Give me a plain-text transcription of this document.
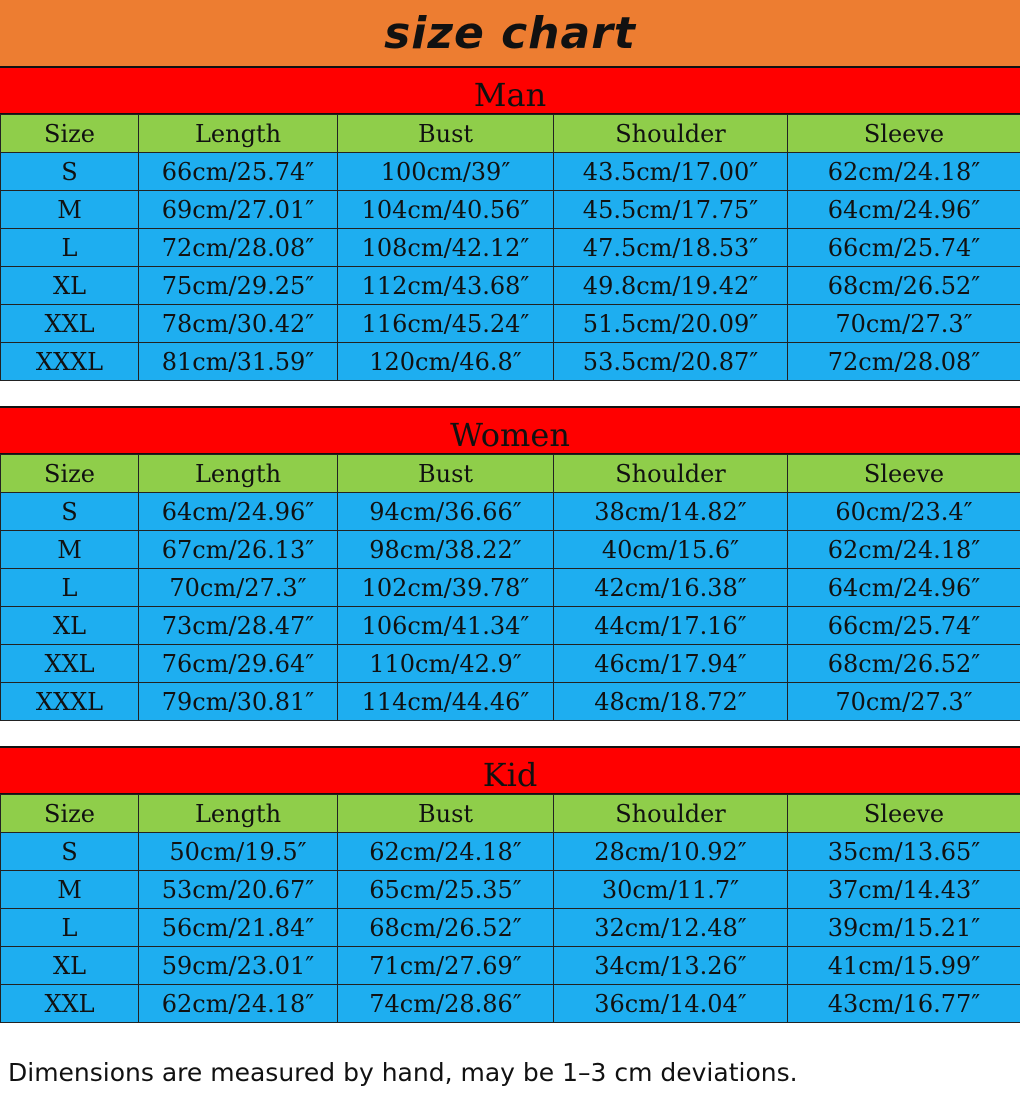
size chart
Man
Size	Length	Bust	Shoulder	Sleeve
S	66cm/25.74″	100cm/39″	43.5cm/17.00″	62cm/24.18″
M	69cm/27.01″	104cm/40.56″	45.5cm/17.75″	64cm/24.96″
L	72cm/28.08″	108cm/42.12″	47.5cm/18.53″	66cm/25.74″
XL	75cm/29.25″	112cm/43.68″	49.8cm/19.42″	68cm/26.52″
XXL	78cm/30.42″	116cm/45.24″	51.5cm/20.09″	70cm/27.3″
XXXL	81cm/31.59″	120cm/46.8″	53.5cm/20.87″	72cm/28.08″
Women
Size	Length	Bust	Shoulder	Sleeve
S	64cm/24.96″	94cm/36.66″	38cm/14.82″	60cm/23.4″
M	67cm/26.13″	98cm/38.22″	40cm/15.6″	62cm/24.18″
L	70cm/27.3″	102cm/39.78″	42cm/16.38″	64cm/24.96″
XL	73cm/28.47″	106cm/41.34″	44cm/17.16″	66cm/25.74″
XXL	76cm/29.64″	110cm/42.9″	46cm/17.94″	68cm/26.52″
XXXL	79cm/30.81″	114cm/44.46″	48cm/18.72″	70cm/27.3″
Kid
Size	Length	Bust	Shoulder	Sleeve
S	50cm/19.5″	62cm/24.18″	28cm/10.92″	35cm/13.65″
M	53cm/20.67″	65cm/25.35″	30cm/11.7″	37cm/14.43″
L	56cm/21.84″	68cm/26.52″	32cm/12.48″	39cm/15.21″
XL	59cm/23.01″	71cm/27.69″	34cm/13.26″	41cm/15.99″
XXL	62cm/24.18″	74cm/28.86″	36cm/14.04″	43cm/16.77″
Dimensions are measured by hand, may be 1–3 cm deviations.
